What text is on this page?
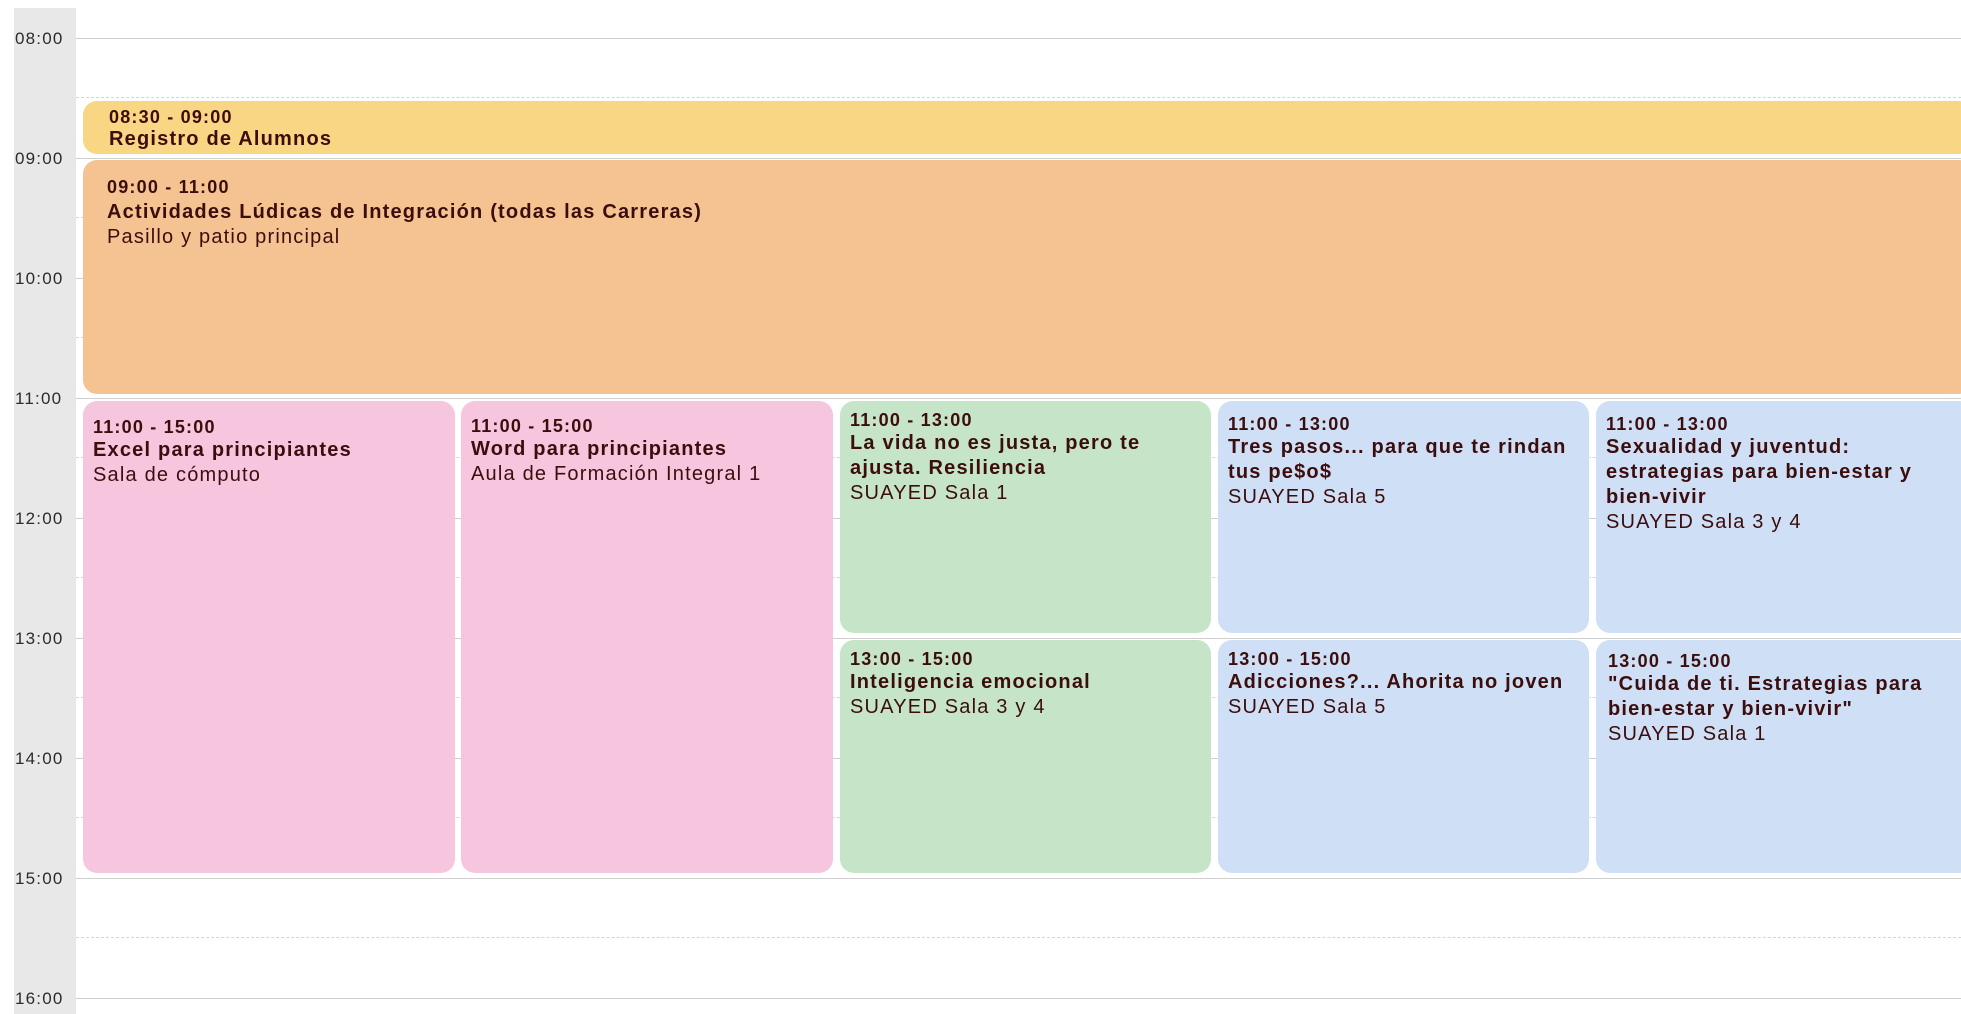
08:00
09:00
10:00
11:00
12:00
13:00
14:00
15:00
16:00
08:30 - 09:00
Registro de Alumnos
09:00 - 11:00
Actividades Lúdicas de Integración (todas las Carreras)
Pasillo y patio principal
11:00 - 15:00
Excel para principiantes
Sala de cómputo
11:00 - 15:00
Word para principiantes
Aula de Formación Integral 1
11:00 - 13:00
La vida no es justa, pero te ajusta. Resiliencia
SUAYED Sala 1
11:00 - 13:00
Tres pasos... para que te rindan tus pe$o$
SUAYED Sala 5
11:00 - 13:00
Sexualidad y juventud: estrategias para bien-estar y bien-vivir
SUAYED Sala 3 y 4
13:00 - 15:00
Inteligencia emocional
SUAYED Sala 3 y 4
13:00 - 15:00
Adicciones?... Ahorita no joven
SUAYED Sala 5
13:00 - 15:00
"Cuida de ti. Estrategias para bien-estar y bien-vivir"
SUAYED Sala 1
